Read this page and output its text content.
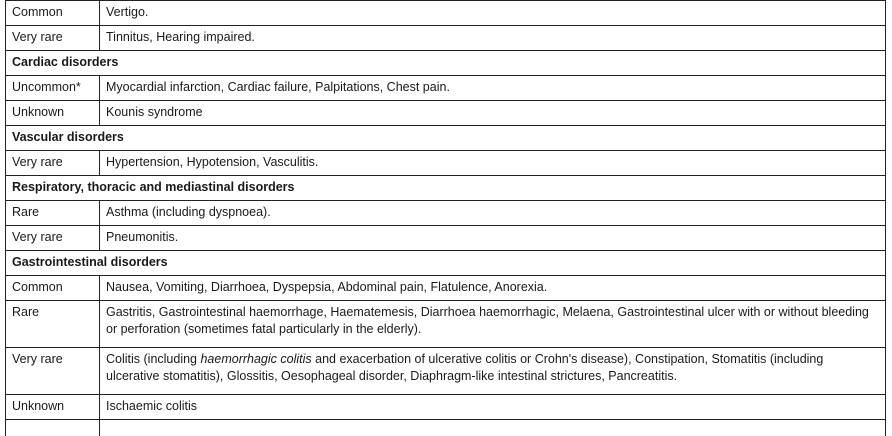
Common	Vertigo.
Very rare	Tinnitus, Hearing impaired.
Cardiac disorders	
Uncommon*	Myocardial infarction, Cardiac failure, Palpitations, Chest pain.
Unknown	Kounis syndrome
Vascular disorders	
Very rare	Hypertension, Hypotension, Vasculitis.
Respiratory, thoracic and mediastinal disorders	
Rare	Asthma (including dyspnoea).
Very rare	Pneumonitis.
Gastrointestinal disorders	
Common	Nausea, Vomiting, Diarrhoea, Dyspepsia, Abdominal pain, Flatulence, Anorexia.
Rare	Gastritis, Gastrointestinal haemorrhage, Haematemesis, Diarrhoea haemorrhagic, Melaena, Gastrointestinal ulcer with or without bleeding or perforation (sometimes fatal particularly in the elderly).
Very rare	Colitis (including haemorrhagic colitis and exacerbation of ulcerative colitis or Crohn's disease), Constipation, Stomatitis (including ulcerative stomatitis), Glossitis, Oesophageal disorder, Diaphragm-like intestinal strictures, Pancreatitis.
Unknown	Ischaemic colitis
